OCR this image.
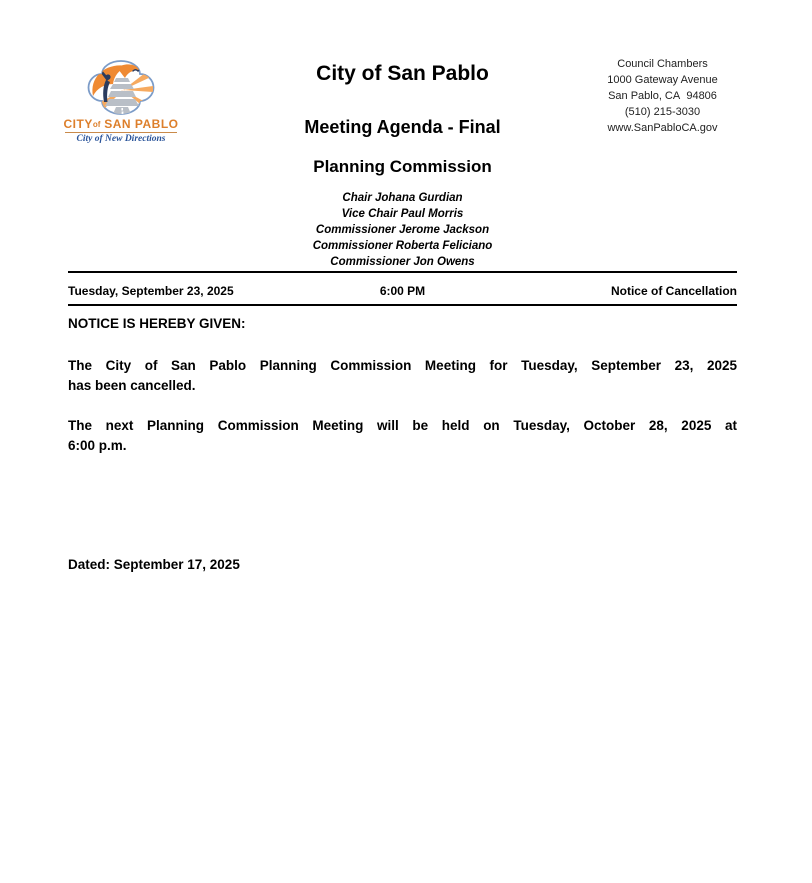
CITYof SAN PABLO
City of New Directions
City of San Pablo
Meeting Agenda - Final
Planning Commission
Council Chambers
1000 Gateway Avenue
San Pablo, CA  94806
(510) 215-3030
www.SanPabloCA.gov
Chair Johana Gurdian
Vice Chair Paul Morris
Commissioner Jerome Jackson
Commissioner Roberta Feliciano
Commissioner Jon Owens
Tuesday, September 23, 2025	6:00 PM	Notice of Cancellation
NOTICE IS HEREBY GIVEN:
The City of San Pablo Planning Commission Meeting for Tuesday, September 23, 2025
has been cancelled.
The next Planning Commission Meeting will be held on Tuesday, October 28, 2025 at
6:00 p.m.
Dated: September 17, 2025
